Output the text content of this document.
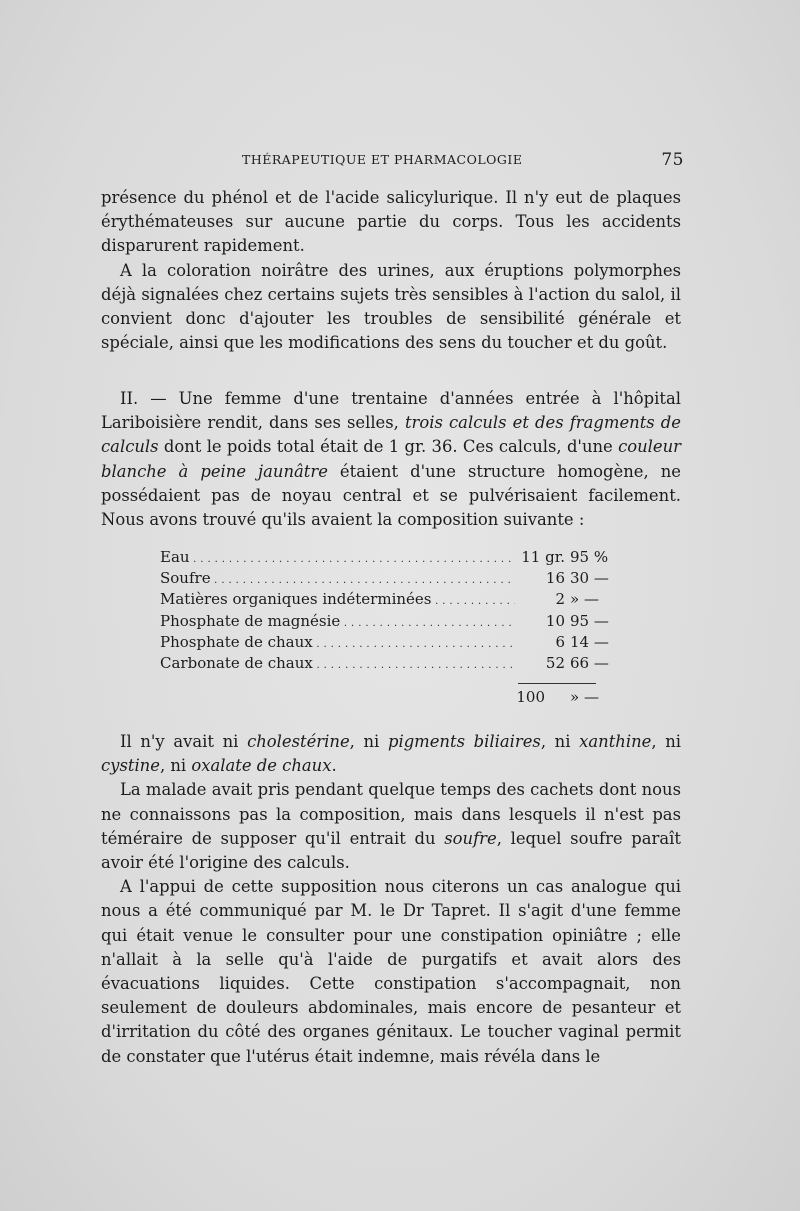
THÉRAPEUTIQUE ET PHARMACOLOGIE	75

présence du phénol et de l'acide salicylurique. Il n'y eut de plaques érythémateuses sur aucune partie du corps. Tous les accidents disparurent rapidement.

A la coloration noirâtre des urines, aux éruptions polymorphes déjà signalées chez certains sujets très sensibles à l'action du salol, il convient donc d'ajouter les troubles de sensibilité générale et spéciale, ainsi que les modifications des sens du toucher et du goût.

II. — Une femme d'une trentaine d'années entrée à l'hôpital Lariboisière rendit, dans ses selles, trois calculs et des fragments de calculs dont le poids total était de 1 gr. 36. Ces calculs, d'une couleur blanche à peine jaunâtre étaient d'une structure homogène, ne possédaient pas de noyau central et se pulvérisaient facilement. Nous avons trouvé qu'ils avaient la composition suivante :

Eau . . .	11 gr. 95 %
Soufre . . .	16 30 —
Matières organiques indéterminées . . .	2 » —
Phosphate de magnésie . . .	10 95 —
Phosphate de chaux . . .	6 14 —
Carbonate de chaux . . .	52 66 —
100 » —

Il n'y avait ni cholestérine, ni pigments biliaires, ni xanthine, ni cystine, ni oxalate de chaux.

La malade avait pris pendant quelque temps des cachets dont nous ne connaissons pas la composition, mais dans lesquels il n'est pas téméraire de supposer qu'il entrait du soufre, lequel soufre paraît avoir été l'origine des calculs.

A l'appui de cette supposition nous citerons un cas analogue qui nous a été communiqué par M. le Dr Tapret. Il s'agit d'une femme qui était venue le consulter pour une constipation opiniâtre ; elle n'allait à la selle qu'à l'aide de purgatifs et avait alors des évacuations liquides. Cette constipation s'accompagnait, non seulement de douleurs abdominales, mais encore de pesanteur et d'irritation du côté des organes génitaux. Le toucher vaginal permit de constater que l'utérus était indemne, mais révéla dans le
